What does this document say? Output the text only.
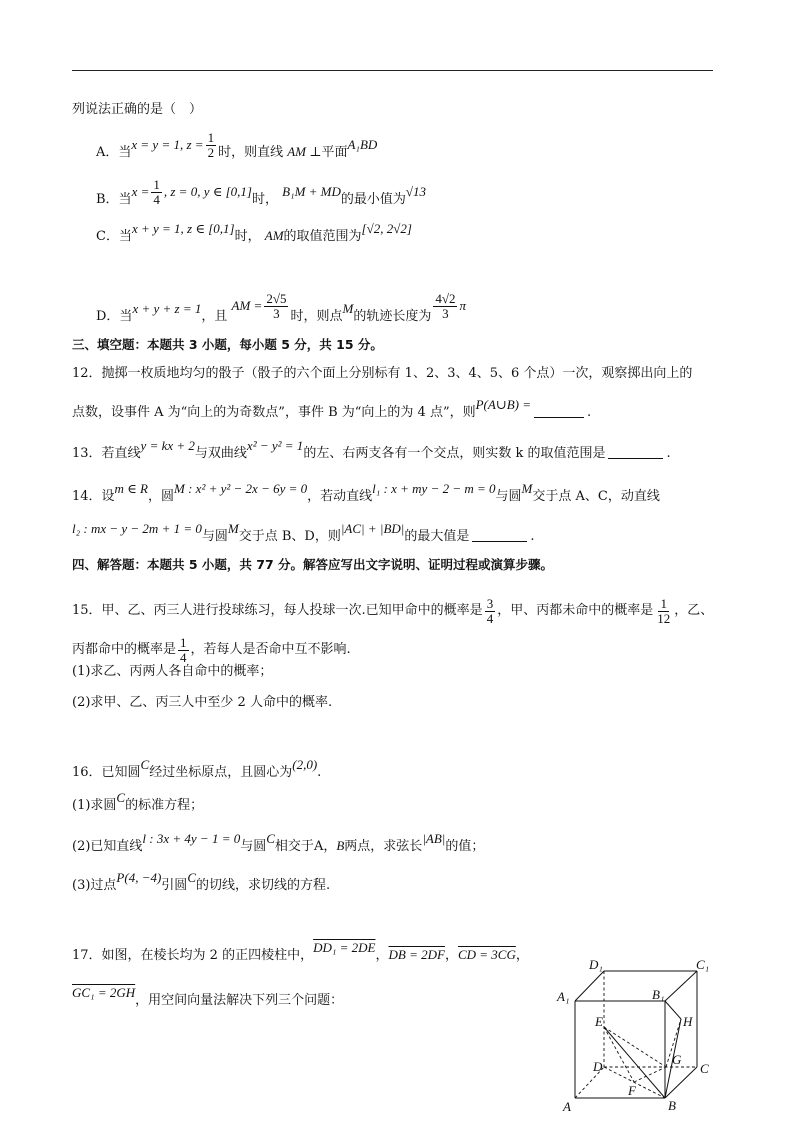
列说法正确的是（　）
A．当x = y = 1, $z = \frac{1}{2}$ 时，则直线 AM ⊥平面A₁BD
B．当$x = \frac{1}{4}$ , z = 0, y ∈ [0,1]时， B₁M + MD的最小值为√13
C．当x + y = 1, z ∈ [0,1]时， AM的取值范围为[√2, 2√2]
D．当x + y + z = 1，且 AM = $\frac{2√5}{3}$ 时，则点M的轨迹长度为 $\frac{4√2}{3}$ π
三、填空题：本题共 3 小题，每小题 5 分，共 15 分。
12．抛掷一枚质地均匀的骰子（骰子的六个面上分别标有 1、2、3、4、5、6 个点）一次，观察掷出向上的
点数，设事件 A 为“向上的为奇数点”，事件 B 为“向上的为 4 点”，则P(A∪B) =.
13．若直线y = kx + 2与双曲线x² − y² = 1的左、右两支各有一个交点，则实数 k 的取值范围是	.
14．设m ∈ R，圆M : x² + y² − 2x − 6y = 0，若动直线l₁ : x + my − 2 − m = 0与圆M交于点 A、C，动直线
l₂ : mx − y − 2m + 1 = 0与圆M交于点 B、D，则|AC| + |BD|的最大值是	.
四、解答题：本题共 5 小题，共 77 分。解答应写出文字说明、证明过程或演算步骤。
15．甲、乙、丙三人进行投球练习，每人投球一次.已知甲命中的概率是 $\frac{3}{4}$ ，甲、丙都未命中的概率是 $\frac{1}{12}$ ，乙、
丙都命中的概率是 $\frac{1}{4}$ ，若每人是否命中互不影响.
(1)求乙、丙两人各自命中的概率；
(2)求甲、乙、丙三人中至少 2 人命中的概率.
16．已知圆C经过坐标原点，且圆心为(2,0).
(1)求圆C的标准方程；
(2)已知直线l : 3x + 4y − 1 = 0与圆C相交于A，B两点，求弦长|AB|的值；
(3)过点P(4, −4)引圆C的切线，求切线的方程.
17．如图，在棱长均为 2 的正四棱柱中，DD₁ = 2DE，DB = 2DF，CD = 3CG，
GC₁ = 2GH，用空间向量法解决下列三个问题：
D₁	C₁
A₁	B₁
E	H
G
D	C
F
A	B
